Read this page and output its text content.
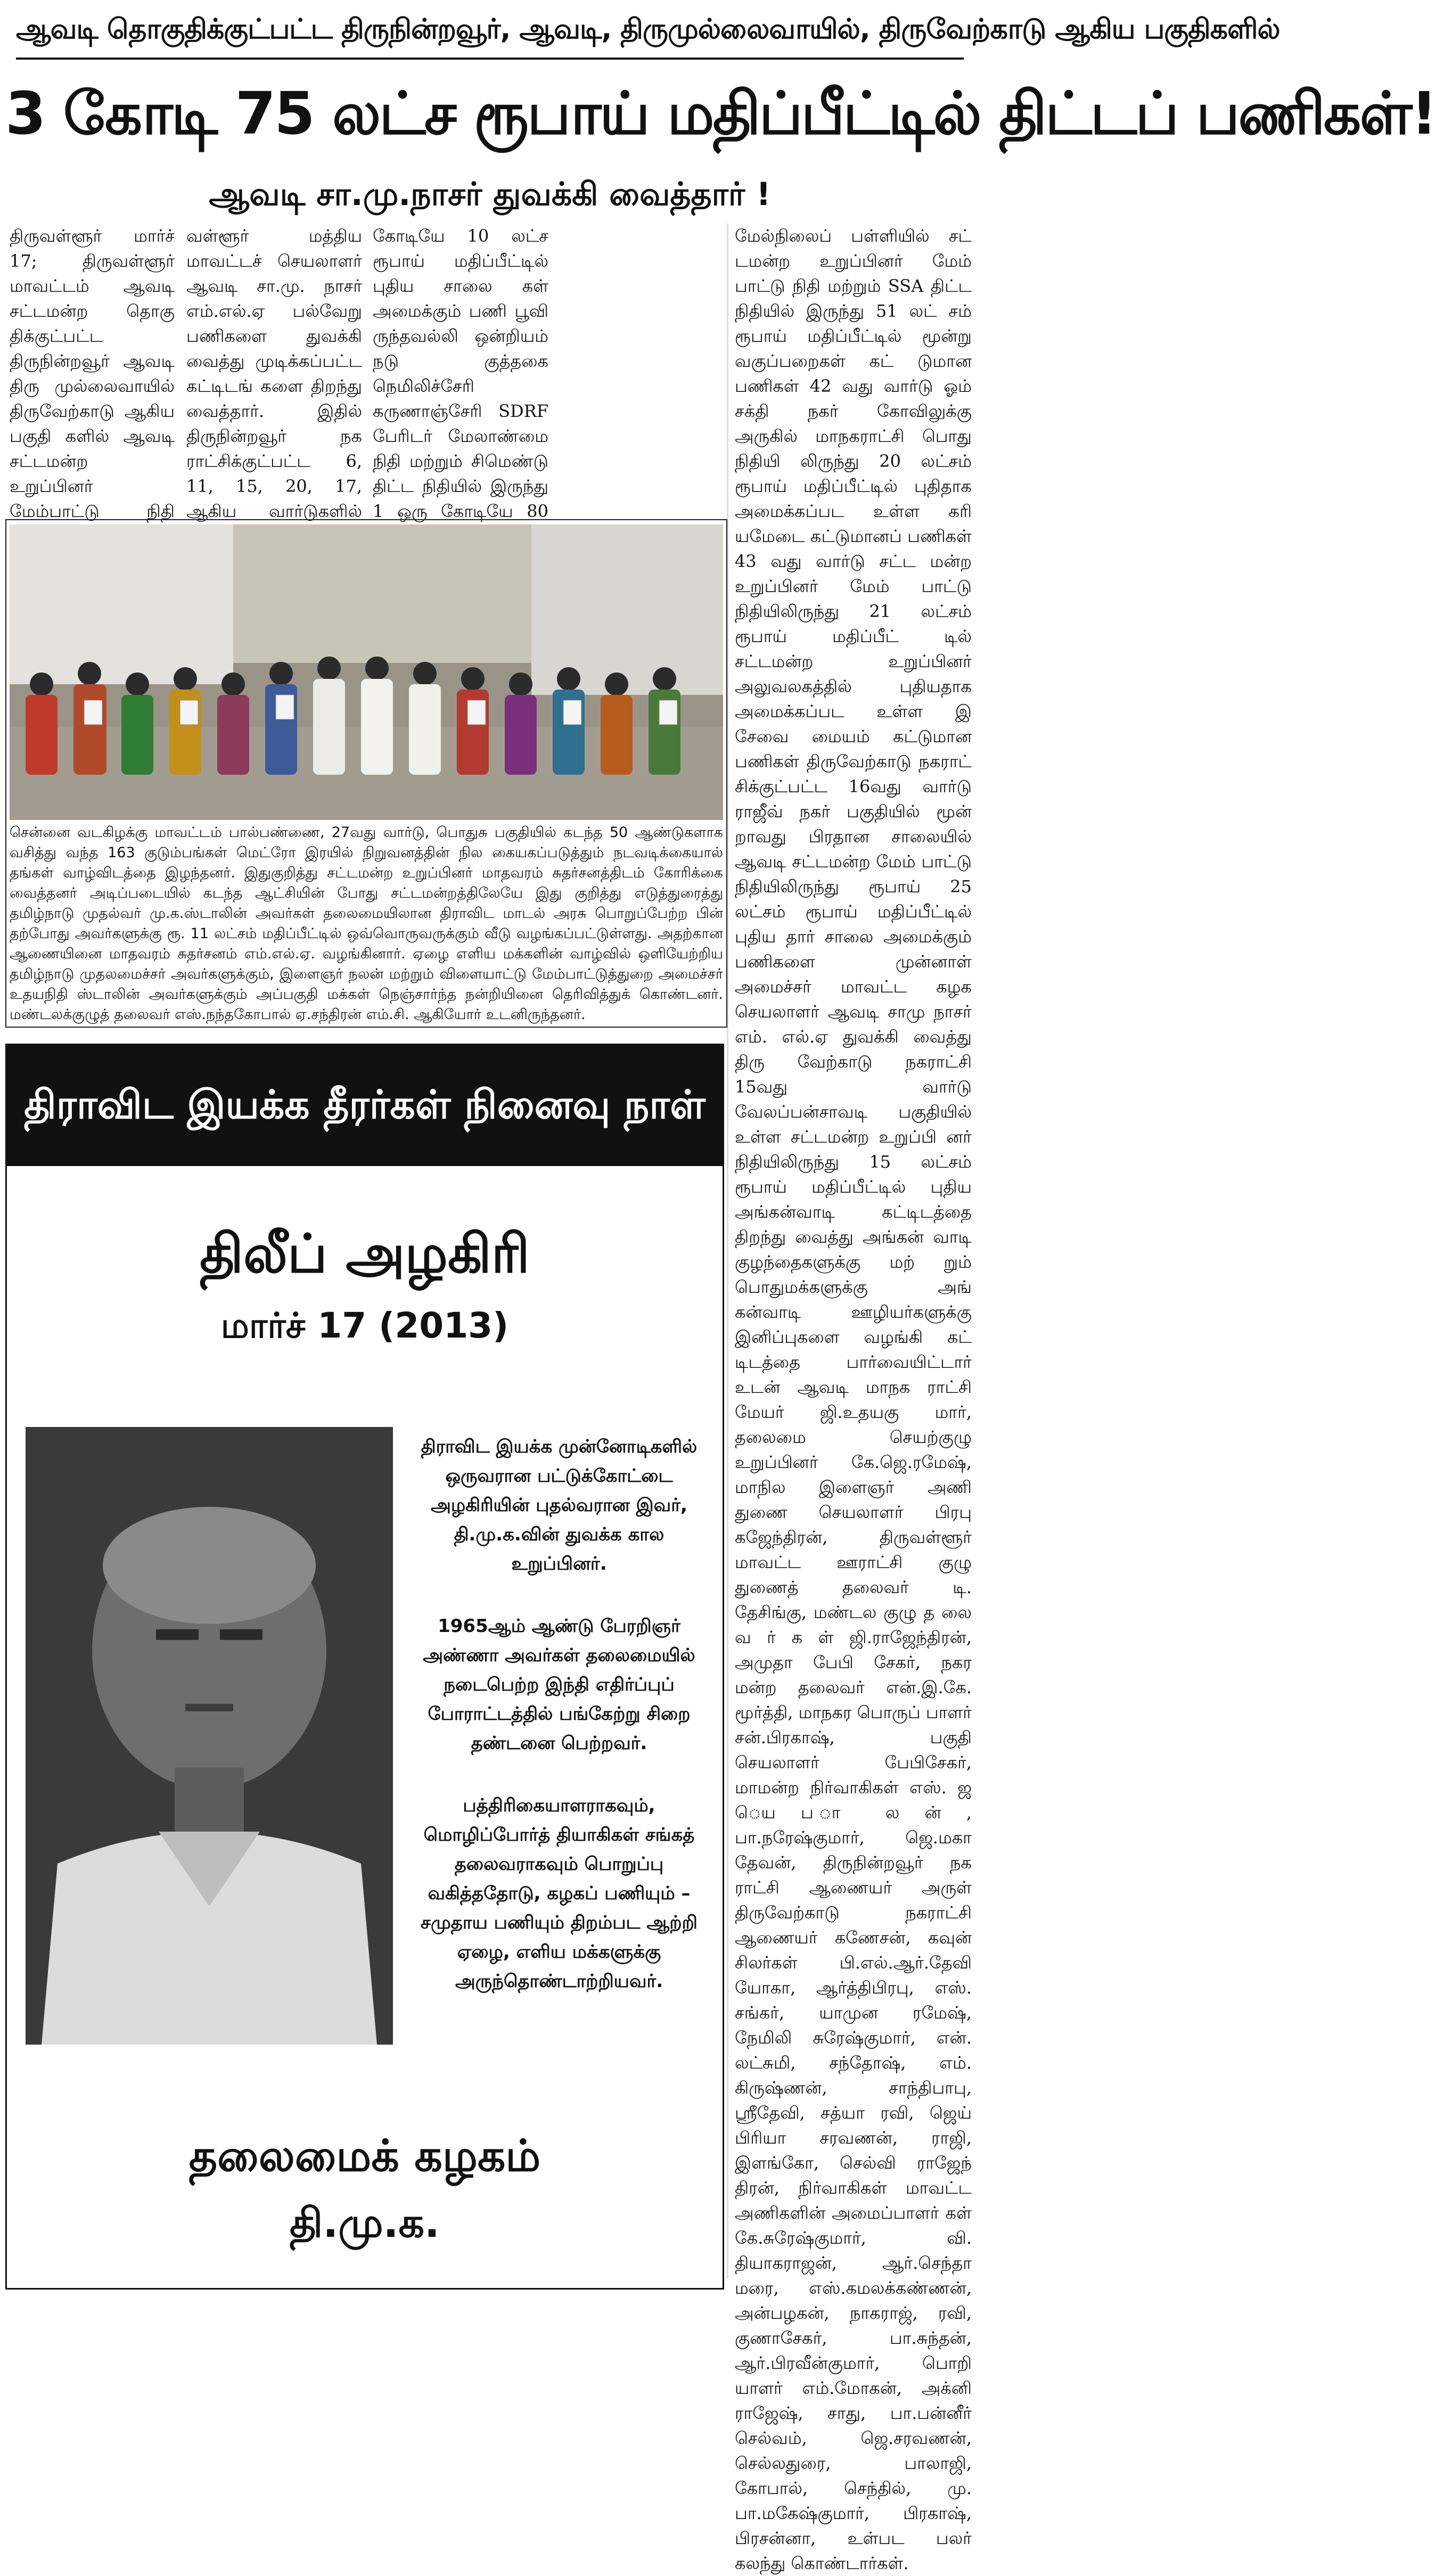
ஆவடி தொகுதிக்குட்பட்ட திருநின்றவூர், ஆவடி, திருமுல்லைவாயில், திருவேற்காடு ஆகிய பகுதிகளில்
3 கோடி 75 லட்ச ரூபாய் மதிப்பீட்டில் திட்டப் பணிகள்!
ஆவடி சா.மு.நாசர் துவக்கி வைத்தார் !
திருவள்ளூர் மார்ச் 17; திருவள்ளூர் மாவட்டம் ஆவடி சட்டமன்ற தொகு திக்குட்பட்ட திருநின்றவூர் ஆவடி திரு முல்லைவாயில் திருவேற்காடு ஆகிய பகுதி களில் ஆவடி சட்டமன்ற உறுப்பினர் மேம்பாட்டு நிதி
வள்ளூர் மத்திய மாவட்டச் செயலாளர் ஆவடி சா.மு. நாசர் எம்.எல்.ஏ பல்வேறு பணிகளை துவக்கி வைத்து முடிக்கப்பட்ட கட்டிடங் களை திறந்து வைத்தார். இதில் திருநின்றவூர் நக ராட்சிக்குட்பட்ட 6, 11, 15, 20, 17, ஆகிய வார்டுகளில்
கோடியே 10 லட்ச ரூபாய் மதிப்பீட்டில் புதிய சாலை கள் அமைக்கும் பணி பூவி ருந்தவல்லி ஒன்றியம் நடு குத்தகை நெமிலிச்சேரி கருணாஞ்சேரி SDRF பேரிடர் மேலாண்மை நிதி மற்றும் சிமெண்டு திட்ட நிதியில் இருந்து 1 ஒரு கோடியே 80
மேல்நிலைப் பள்ளியில் சட் டமன்ற உறுப்பினர் மேம் பாட்டு நிதி மற்றும் SSA திட்ட நிதியில் இருந்து 51 லட் சம் ரூபாய் மதிப்பீட்டில் மூன்று வகுப்பறைகள் கட் டுமான பணிகள் 42 வது வார்டு ஓம் சக்தி நகர் கோவிலுக்கு அருகில் மாநகராட்சி பொது நிதியி லிருந்து 20 லட்சம் ரூபாய் மதிப்பீட்டில் புதிதாக அமைக்கப்பட உள்ள கரி யமேடை கட்டுமானப் பணிகள் 43 வது வார்டு சட்ட மன்ற உறுப்பினர் மேம் பாட்டு நிதியிலிருந்து 21 லட்சம் ரூபாய் மதிப்பீட் டில் சட்டமன்ற உறுப்பினர் அலுவலகத்தில் புதியதாக அமைக்கப்பட உள்ள இ சேவை மையம் கட்டுமான பணிகள் திருவேற்காடு நகராட் சிக்குட்பட்ட 16வது வார்டு ராஜீவ் நகர் பகுதியில் மூன் றாவது பிரதான சாலையில் ஆவடி சட்டமன்ற மேம் பாட்டு நிதியிலிருந்து ரூபாய் 25 லட்சம் ரூபாய் மதிப்பீட்டில் புதிய தார் சாலை அமைக்கும் பணிகளை முன்னாள் அமைச்சர் மாவட்ட கழக செயலாளர் ஆவடி சாமு நாசர் எம். எல்.ஏ துவக்கி வைத்து திரு வேற்காடு நகராட்சி 15வது வார்டு வேலப்பன்சாவடி பகுதியில் உள்ள சட்டமன்ற உறுப்பி னர் நிதியிலிருந்து 15 லட்சம் ரூபாய் மதிப்பீட்டில் புதிய அங்கன்வாடி கட்டிடத்தை திறந்து வைத்து அங்கன் வாடி குழந்தைகளுக்கு மற் றும் பொதுமக்களுக்கு அங் கன்வாடி ஊழியர்களுக்கு இனிப்புகளை வழங்கி கட் டிடத்தை பார்வையிட்டார் உடன் ஆவடி மாநக ராட்சி மேயர் ஜி.உதயகு மார், தலைமை செயற்குழு உறுப்பினர் கே.ஜெ.ரமேஷ், மாநில இளைஞர் அணி துணை செயலாளர் பிரபு கஜேந்திரன், திருவள்ளூர் மாவட்ட ஊராட்சி குழு துணைத் தலைவர் டி. தேசிங்கு, மண்டல குழு த லை வ ர் க ள் ஜி.ராஜேந்திரன், அமுதா பேபி சேகர், நகர மன்ற தலைவர் என்.இ.கே. மூர்த்தி, மாநகர பொருப் பாளர் சன்.பிரகாஷ், பகுதி செயலாளர் பேபிசேகர், மாமன்ற நிர்வாகிகள் எஸ். ஜ ெய ப ா ல ன் , பா.நரேஷ்குமார், ஜெ.மகா தேவன், திருநின்றவூர் நக ராட்சி ஆணையர் அருள் திருவேற்காடு நகராட்சி ஆணையர் கணேசன், கவுன் சிலர்கள் பி.எல்.ஆர்.தேவி யோகா, ஆர்த்திபிரபு, எஸ். சங்கர், யாமுன ரமேஷ், நேமிலி சுரேஷ்குமார், என். லட்சுமி, சந்தோஷ், எம். கிருஷ்ணன், சாந்திபாபு, ஸ்ரீதேவி, சத்யா ரவி, ஜெய் பிரியா சரவணன், ராஜி, இளங்கோ, செல்வி ராஜேந் திரன், நிர்வாகிகள் மாவட்ட அணிகளின் அமைப்பாளர் கள் கே.சுரேஷ்குமார், வி. தியாகராஜன், ஆர்.செந்தா மரை, எஸ்.கமலக்கண்ணன், அன்பழகன், நாகராஜ், ரவி, குணாசேகர், பா.சுந்தன், ஆர்.பிரவீன்குமார், பொறி யாளர் எம்.மோகன், அக்னி ராஜேஷ், சாது, பா.பன்னீர் செல்வம், ஜெ.சரவணன், செல்லதுரை, பாலாஜி, கோபால், செந்தில், மு. பா.மகேஷ்குமார், பிரகாஷ், பிரசன்னா, உள்பட பலர் கலந்து கொண்டார்கள்.
சென்னை வடகிழக்கு மாவட்டம் பால்பண்ணை, 27வது வார்டு, பொதுசு பகுதியில் கடந்த 50 ஆண்டுகளாக வசித்து வந்த 163 குடும்பங்கள் மெட்ரோ இரயில் நிறுவனத்தின் நில கையகப்படுத்தும் நடவடிக்கையால் தங்கள் வாழ்விடத்தை இழந்தனர். இதுகுறித்து சட்டமன்ற உறுப்பினர் மாதவரம் சுதர்சனத்திடம் கோரிக்கை வைத்தனர் அடிப்படையில் கடந்த ஆட்சியின் போது சட்டமன்றத்திலேயே இது குறித்து எடுத்துரைத்து தமிழ்நாடு முதல்வர் மு.க.ஸ்டாலின் அவர்கள் தலைமையிலான திராவிட மாடல் அரசு பொறுப்பேற்ற பின் தற்போது அவர்களுக்கு ரூ. 11 லட்சம் மதிப்பீட்டில் ஒவ்வொருவருக்கும் வீடு வழங்கப்பட்டுள்ளது. அதற்கான ஆணையினை மாதவரம் சுதர்சனம் எம்.எல்.ஏ. வழங்கினார். ஏழை எளிய மக்களின் வாழ்வில் ஒளியேற்றிய தமிழ்நாடு முதலமைச்சர் அவர்களுக்கும், இளைஞர் நலன் மற்றும் விளையாட்டு மேம்பாட்டுத்துறை அமைச்சர் உதயநிதி ஸ்டாலின் அவர்களுக்கும் அப்பகுதி மக்கள் நெஞ்சார்ந்த நன்றியினை தெரிவித்துக் கொண்டனர். மண்டலக்குழுத் தலைவர் எஸ்.நந்தகோபால் ஏ.சந்திரன் எம்.சி. ஆகியோர் உடனிருந்தனர்.
திராவிட இயக்க தீரர்கள் நினைவு நாள்
திலீப் அழகிரி
மார்ச் 17 (2013)

திராவிட இயக்க முன்னோடிகளில் ஒருவரான பட்டுக்கோட்டை அழகிரியின் புதல்வரான இவர், தி.மு.க.வின் துவக்க கால உறுப்பினர்.

1965ஆம் ஆண்டு பேரறிஞர் அண்ணா அவர்கள் தலைமையில் நடைபெற்ற இந்தி எதிர்ப்புப் போராட்டத்தில் பங்கேற்று சிறை தண்டனை பெற்றவர்.

பத்திரிகையாளராகவும், மொழிப்போர்த் தியாகிகள் சங்கத் தலைவராகவும் பொறுப்பு வகித்ததோடு, கழகப் பணியும் – சமுதாய பணியும் திறம்பட ஆற்றி ஏழை, எளிய மக்களுக்கு அருந்தொண்டாற்றியவர்.

தலைமைக் கழகம்
தி.மு.க.
